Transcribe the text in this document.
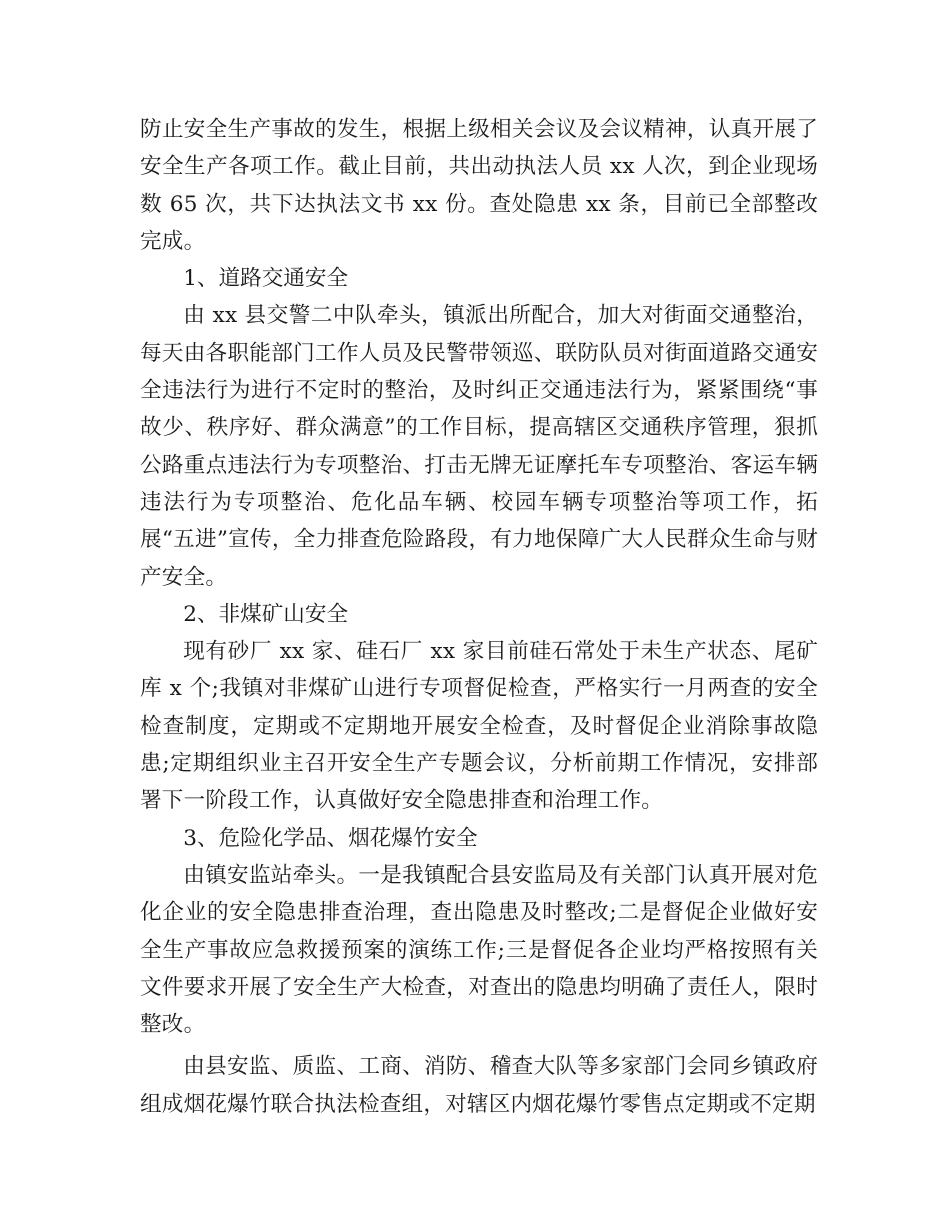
防止安全生产事故的发生，根据上级相关会议及会议精神，认真开展了安全生产各项工作。截止目前，共出动执法人员 xx 人次，到企业现场数 65 次，共下达执法文书 xx 份。查处隐患 xx 条，目前已全部整改完成。

1、道路交通安全

由 xx 县交警二中队牵头，镇派出所配合，加大对街面交通整治，每天由各职能部门工作人员及民警带领巡、联防队员对街面道路交通安全违法行为进行不定时的整治，及时纠正交通违法行为，紧紧围绕“事故少、秩序好、群众满意”的工作目标，提高辖区交通秩序管理，狠抓公路重点违法行为专项整治、打击无牌无证摩托车专项整治、客运车辆违法行为专项整治、危化品车辆、校园车辆专项整治等项工作，拓展“五进”宣传，全力排查危险路段，有力地保障广大人民群众生命与财产安全。

2、非煤矿山安全

现有砂厂 xx 家、硅石厂 xx 家目前硅石常处于未生产状态、尾矿库 x 个;我镇对非煤矿山进行专项督促检查，严格实行一月两查的安全检查制度，定期或不定期地开展安全检查，及时督促企业消除事故隐患;定期组织业主召开安全生产专题会议，分析前期工作情况，安排部署下一阶段工作，认真做好安全隐患排查和治理工作。

3、危险化学品、烟花爆竹安全

由镇安监站牵头。一是我镇配合县安监局及有关部门认真开展对危化企业的安全隐患排查治理，查出隐患及时整改;二是督促企业做好安全生产事故应急救援预案的演练工作;三是督促各企业均严格按照有关文件要求开展了安全生产大检查，对查出的隐患均明确了责任人，限时整改。

由县安监、质监、工商、消防、稽查大队等多家部门会同乡镇政府组成烟花爆竹联合执法检查组，对辖区内烟花爆竹零售点定期或不定期
